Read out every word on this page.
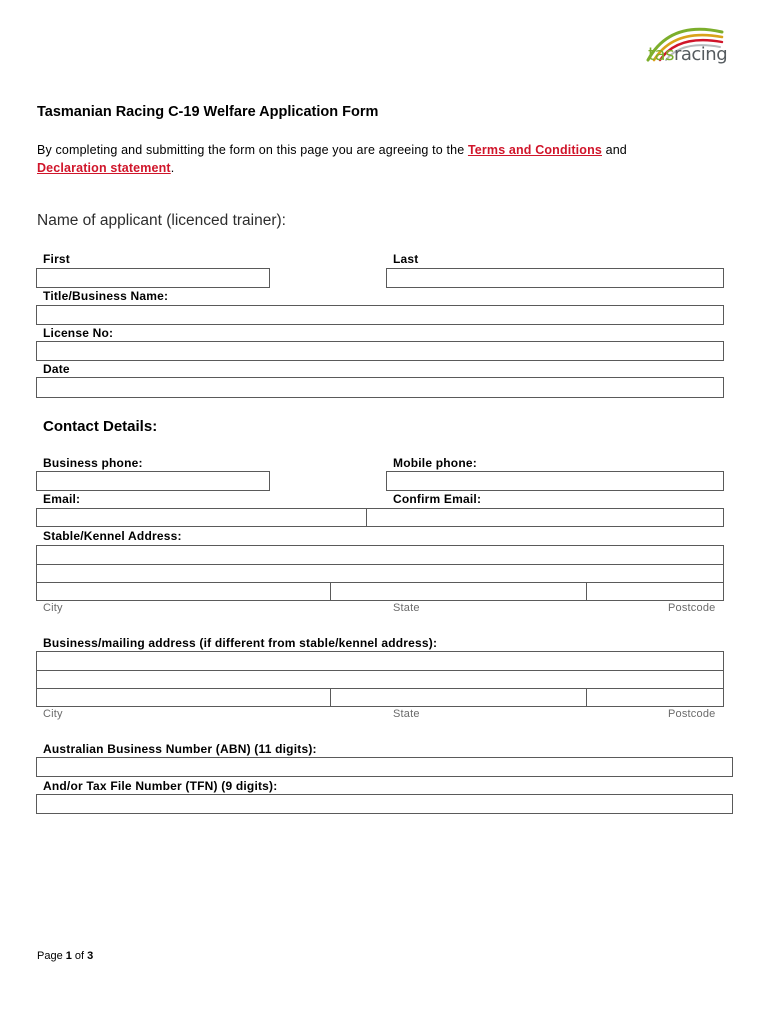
tasracing
Tasmanian Racing C-19 Welfare Application Form
By completing and submitting the form on this page you are agreeing to the Terms and Conditions and
Declaration statement.
Name of applicant (licenced trainer):
First	Last
Title/Business Name:
License No:
Date
Contact Details:
Business phone:	Mobile phone:
Email:	Confirm Email:
Stable/Kennel Address:
City	State	Postcode
Business/mailing address (if different from stable/kennel address):
City	State	Postcode
Australian Business Number (ABN) (11 digits):
And/or Tax File Number (TFN) (9 digits):
Page 1 of 3
